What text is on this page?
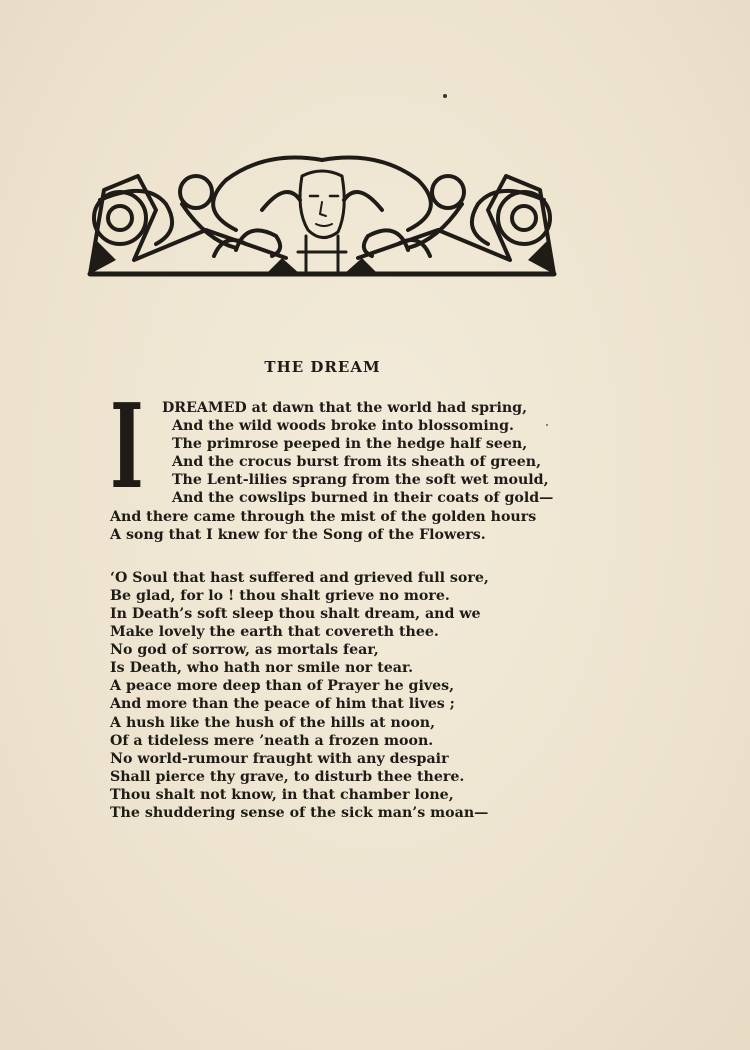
THE DREAM
I	DREAMED at dawn that the world had spring,
And the wild woods broke into blossoming.
The primrose peeped in the hedge half seen,
And the crocus burst from its sheath of green,
The Lent-lilies sprang from the soft wet mould,
And the cowslips burned in their coats of gold—
And there came through the mist of the golden hours
A song that I knew for the Song of the Flowers.
‘O Soul that hast suffered and grieved full sore,
Be glad, for lo ! thou shalt grieve no more.
In Death’s soft sleep thou shalt dream, and we
Make lovely the earth that covereth thee.
No god of sorrow, as mortals fear,
Is Death, who hath nor smile nor tear.
A peace more deep than of Prayer he gives,
And more than the peace of him that lives ;
A hush like the hush of the hills at noon,
Of a tideless mere ’neath a frozen moon.
No world-rumour fraught with any despair
Shall pierce thy grave, to disturb thee there.
Thou shalt not know, in that chamber lone,
The shuddering sense of the sick man’s moan—
